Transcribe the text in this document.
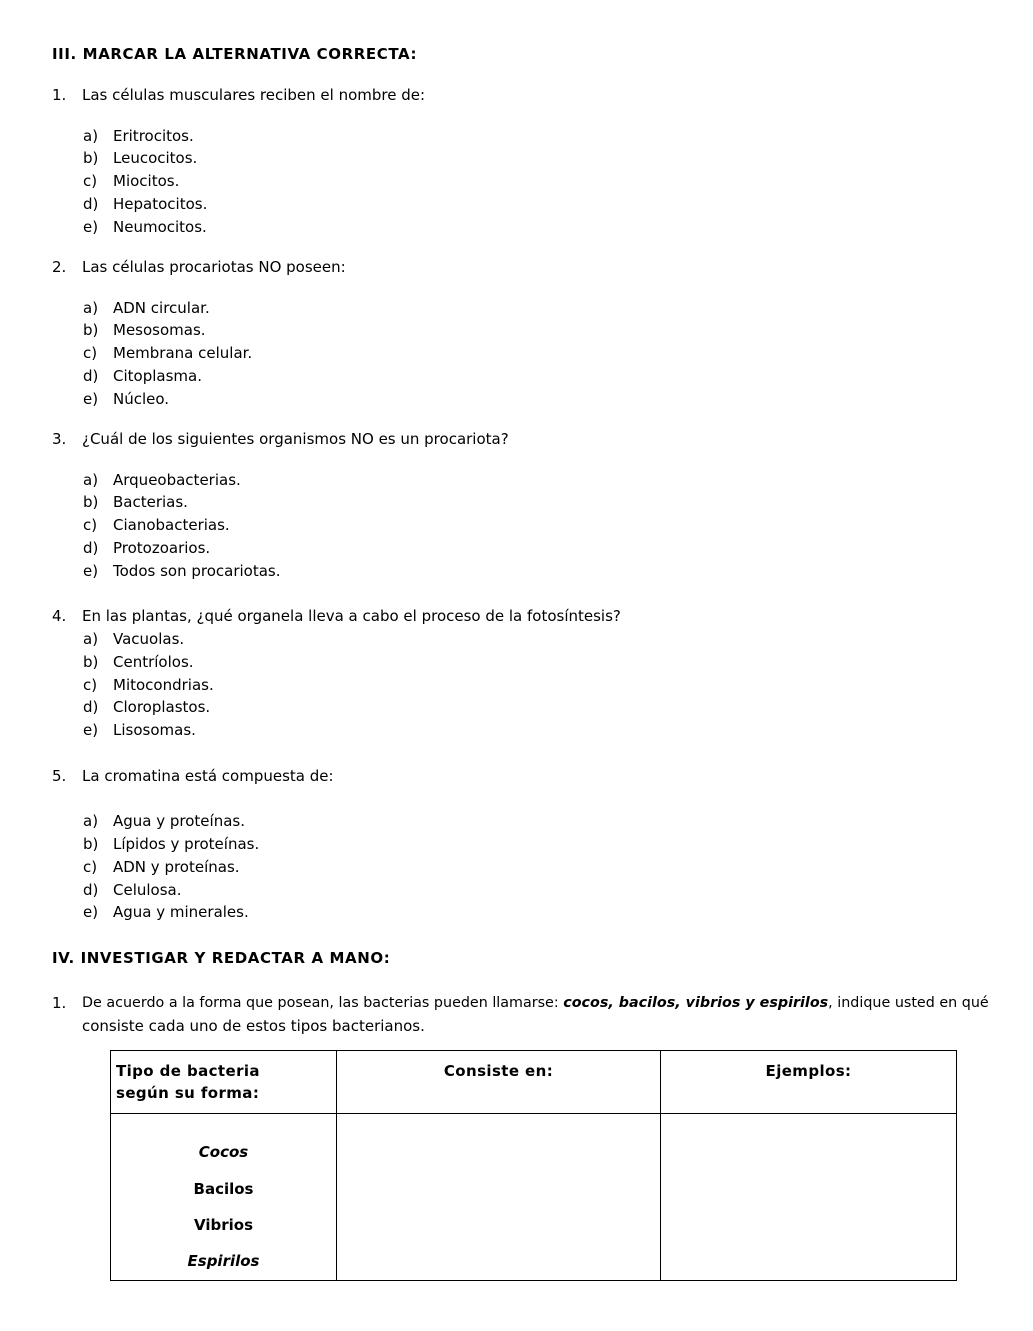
III. MARCAR LA ALTERNATIVA CORRECTA:
1. Las células musculares reciben el nombre de:
a) Eritrocitos.
b) Leucocitos.
c) Miocitos.
d) Hepatocitos.
e) Neumocitos.
2. Las células procariotas NO poseen:
a) ADN circular.
b) Mesosomas.
c) Membrana celular.
d) Citoplasma.
e) Núcleo.
3. ¿Cuál de los siguientes organismos NO es un procariota?
a) Arqueobacterias.
b) Bacterias.
c) Cianobacterias.
d) Protozoarios.
e) Todos son procariotas.
4. En las plantas, ¿qué organela lleva a cabo el proceso de la fotosíntesis?
a) Vacuolas.
b) Centríolos.
c) Mitocondrias.
d) Cloroplastos.
e) Lisosomas.
5. La cromatina está compuesta de:
a) Agua y proteínas.
b) Lípidos y proteínas.
c) ADN y proteínas.
d) Celulosa.
e) Agua y minerales.
IV. INVESTIGAR Y REDACTAR A MANO:
1. De acuerdo a la forma que posean, las bacterias pueden llamarse: cocos, bacilos, vibrios y espirilos, indique usted en qué
consiste cada uno de estos tipos bacterianos.
Tipo de bacteria
según su forma:	Consiste en:	Ejemplos:

Cocos
Bacilos
Vibrios
Espirilos		
